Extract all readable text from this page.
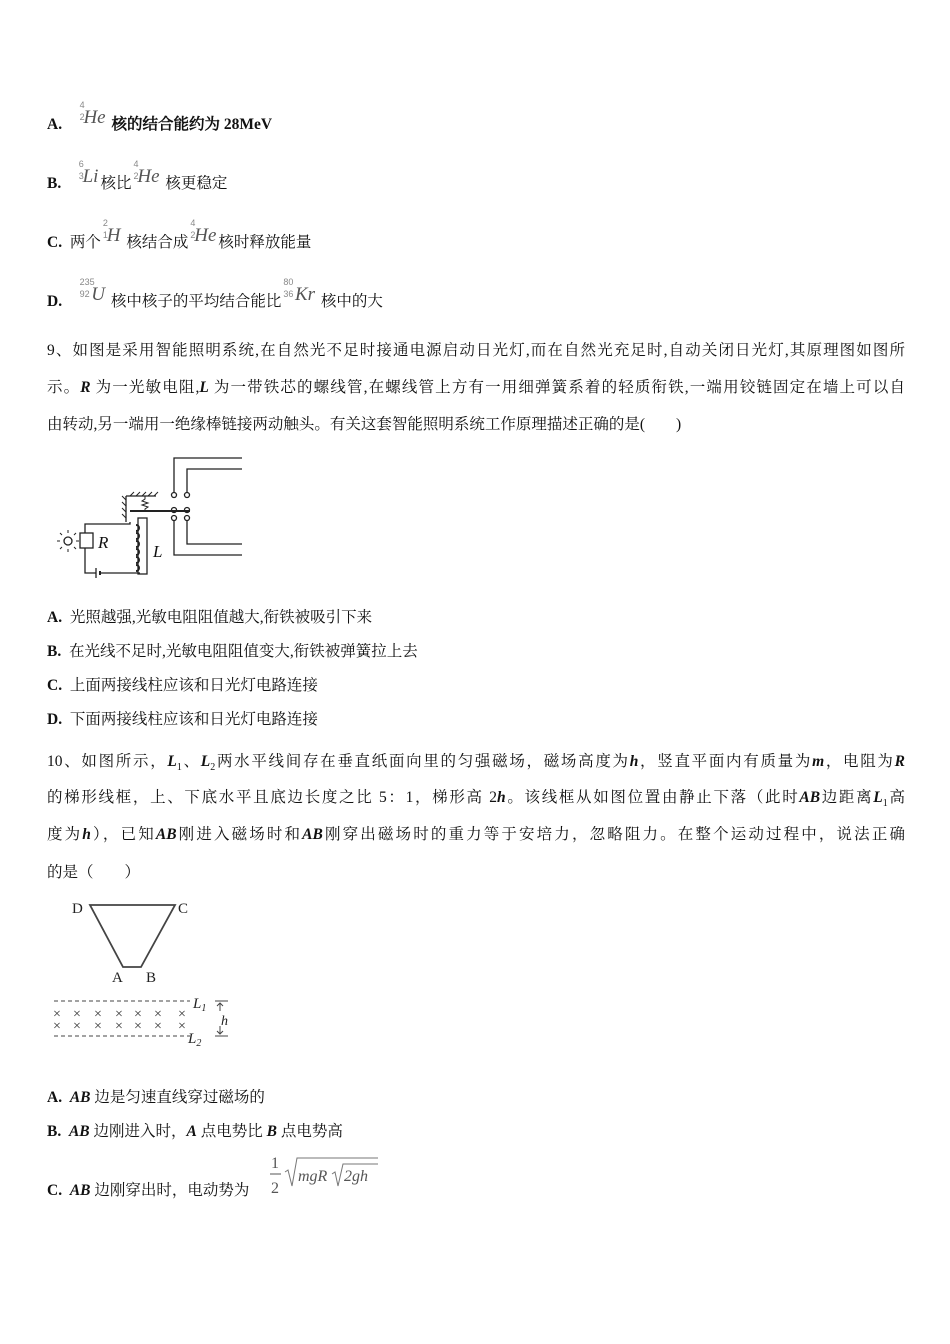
A.
4
2
He 核的结合能约为 28MeV
B.
6
3
Li 核比
4
2
He 核更稳定
C. 两个
2
1
H 核结合成
4
2
He 核时释放能量
D.
235
92 U 核中核子的平均结合能比
80
36 Kr 核中的大
9、如图是采用智能照明系统,在自然光不足时接通电源启动日光灯,而在自然光充足时,自动关闭日光灯,其原理图如图所
示。R 为一光敏电阻,L 为一带铁芯的螺线管,在螺线管上方有一用细弹簧系着的轻质衔铁,一端用铰链固定在墙上可以自
由转动,另一端用一绝缘棒链接两动触头。有关这套智能照明系统工作原理描述正确的是(　　)
R	L
A. 光照越强,光敏电阻阻值越大,衔铁被吸引下来
B. 在光线不足时,光敏电阻阻值变大,衔铁被弹簧拉上去
C. 上面两接线柱应该和日光灯电路连接
D. 下面两接线柱应该和日光灯电路连接
10、如图所示，$L_1$、$L_2$两水平线间存在垂直纸面向里的匀强磁场，磁场高度为h，竖直平面内有质量为m，电阻为R
的梯形线框，上、下底水平且底边长度之比 5：1，梯形高 2h。该线框从如图位置由静止下落（此时AB边距离$L_1$高
度为h），已知AB刚进入磁场时和AB刚穿出磁场时的重力等于安培力，忽略阻力。在整个运动过程中，说法正确
的是（　　）
D	C
A B
× × × × × × ×
× × × × × × ×
$L_1$
$L_2$
h
A. AB 边是匀速直线穿过磁场的
B. AB 边刚进入时，A 点电势比 B 点电势高
C. AB 边刚穿出时，电动势为
1
2
mgR 2gh
